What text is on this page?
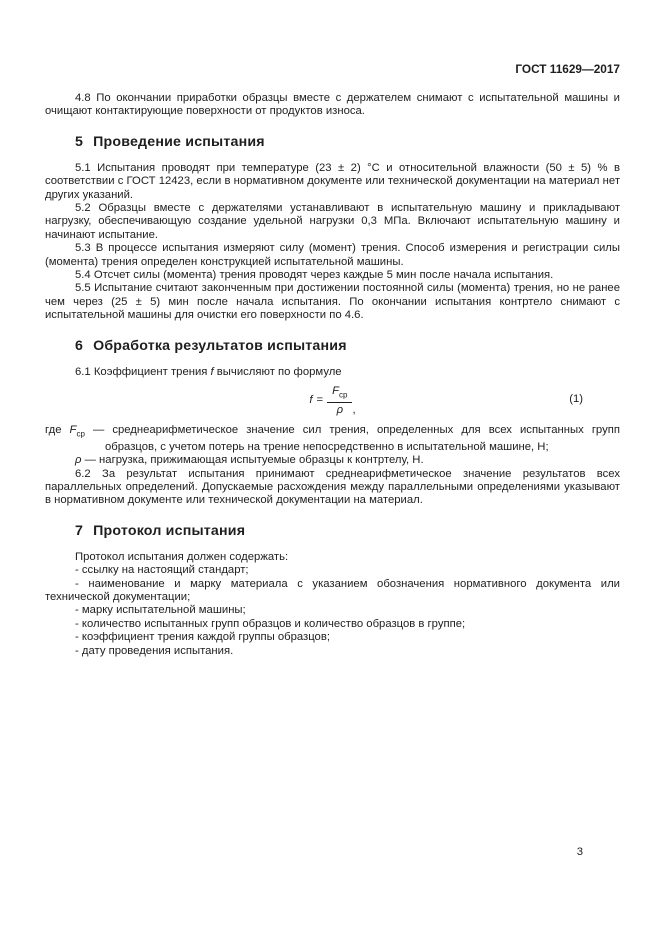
ГОСТ 11629—2017

4.8 По окончании приработки образцы вместе с держателем снимают с испытательной машины и очищают контактирующие поверхности от продуктов износа.

5 Проведение испытания

5.1 Испытания проводят при температуре (23 ± 2) °С и относительной влажности (50 ± 5) % в соответствии с ГОСТ 12423, если в нормативном документе или технической документации на материал нет других указаний.

5.2 Образцы вместе с держателями устанавливают в испытательную машину и прикладывают нагрузку, обеспечивающую создание удельной нагрузки 0,3 МПа. Включают испытательную машину и начинают испытание.

5.3 В процессе испытания измеряют силу (момент) трения. Способ измерения и регистрации силы (момента) трения определен конструкцией испытательной машины.

5.4 Отсчет силы (момента) трения проводят через каждые 5 мин после начала испытания.

5.5 Испытание считают законченным при достижении постоянной силы (момента) трения, но не ранее чем через (25 ± 5) мин после начала испытания. По окончании испытания контртело снимают с испытательной машины для очистки его поверхности по 4.6.

6 Обработка результатов испытания

6.1 Коэффициент трения f вычисляют по формуле

$f = \frac{F_{ср}}{\rho}$ ,
(1)

где $F_{ср}$ — среднеарифметическое значение сил трения, определенных для всех испытанных групп образцов, с учетом потерь на трение непосредственно в испытательной машине, Н;

ρ — нагрузка, прижимающая испытуемые образцы к контртелу, Н.

6.2 За результат испытания принимают среднеарифметическое значение результатов всех параллельных определений. Допускаемые расхождения между параллельными определениями указывают в нормативном документе или технической документации на материал.

7 Протокол испытания

Протокол испытания должен содержать:

- ссылку на настоящий стандарт;

- наименование и марку материала с указанием обозначения нормативного документа или технической документации;

- марку испытательной машины;

- количество испытанных групп образцов и количество образцов в группе;

- коэффициент трения каждой группы образцов;

- дату проведения испытания.

3
